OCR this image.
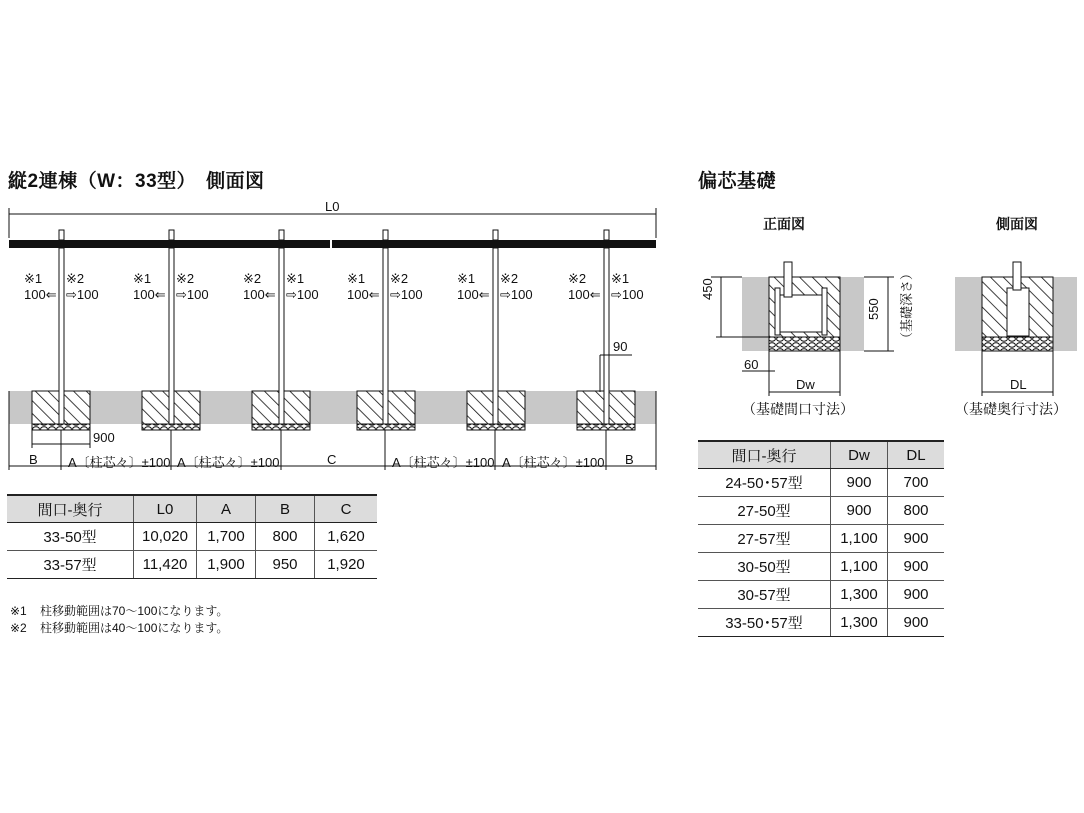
縦2連棟（W：33型）　側面図
L0
※1
100⇐
※2
⇨100
※1
100⇐
※2
⇨100
※2
100⇐
※1
⇨100
※1
100⇐
※2
⇨100
※1
100⇐
※2
⇨100
※2
100⇐
※1
⇨100
90
900
B A〔柱芯々〕±100 A〔柱芯々〕±100	C	A〔柱芯々〕±100 A〔柱芯々〕±100 B
間口-奥行	L0	A	B	C
33-50型	10,020	1,700	800	1,620
33-57型	11,420	1,900	950	1,920
※1 柱移動範囲は70～100になります。
※2 柱移動範囲は40～100になります。
偏芯基礎
正面図	側面図
450
550 （基礎深さ）
60
Dw	DL
（基礎間口寸法）	（基礎奥行寸法）
間口-奥行	Dw	DL
24-50･57型	900	700
27-50型	900	800
27-57型	1,100	900
30-50型	1,100	900
30-57型	1,300	900
33-50･57型	1,300	900
